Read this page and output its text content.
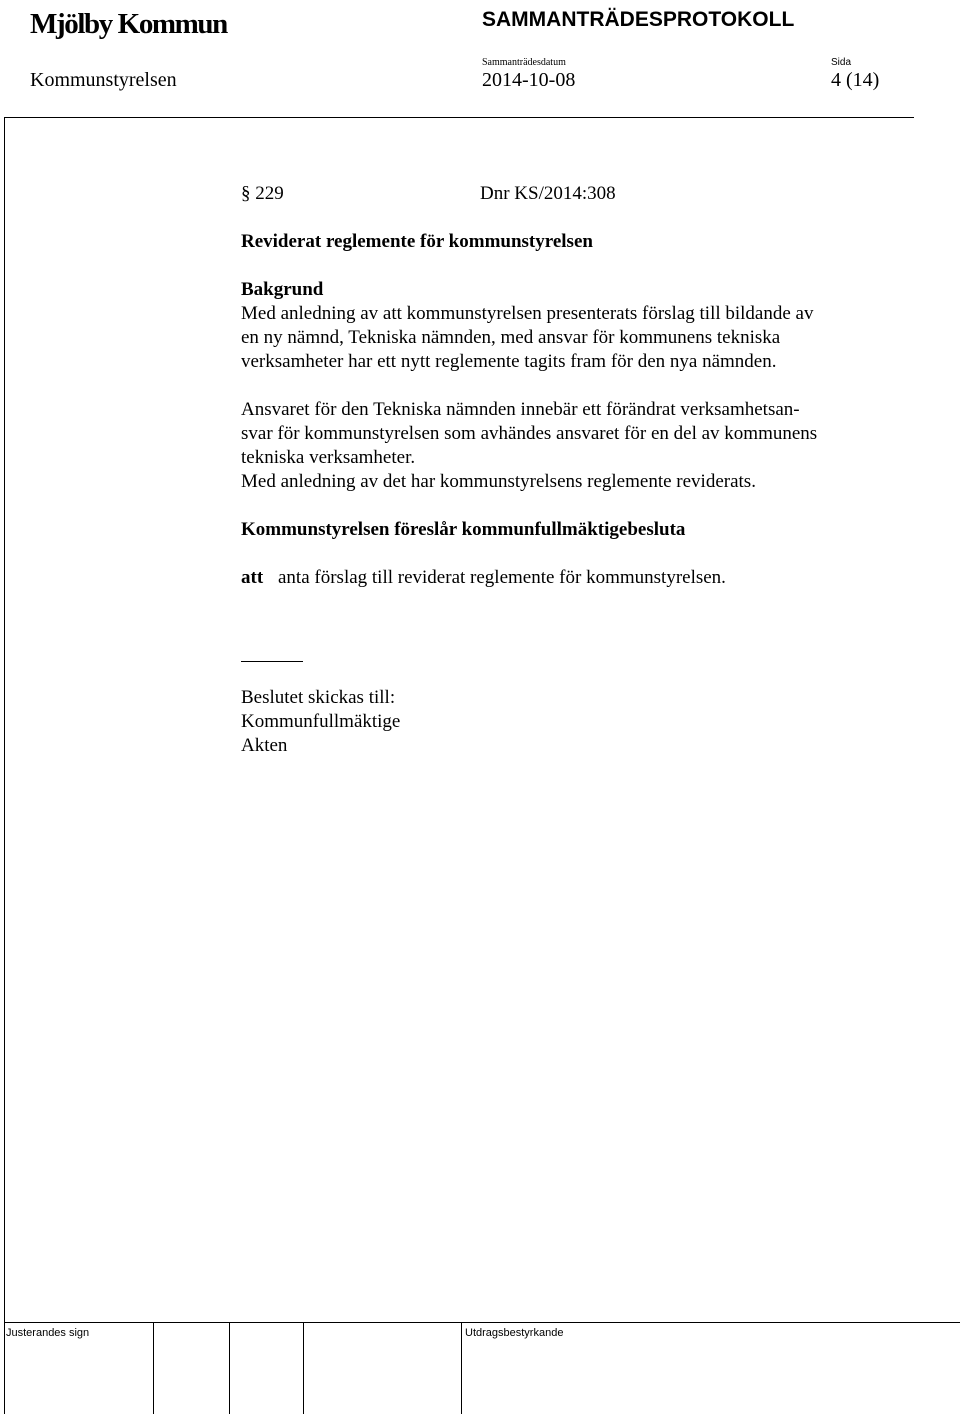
Mjölby Kommun	SAMMANTRÄDESPROTOKOLL
Sammanträdesdatum	Sida
Kommunstyrelsen	2014-10-08	4 (14)
§ 229	Dnr KS/2014:308

Reviderat reglemente för kommunstyrelsen

Bakgrund

Med anledning av att kommunstyrelsen presenterats förslag till bildande av

en ny nämnd, Tekniska nämnden, med ansvar för kommunens tekniska

verksamheter har ett nytt reglemente tagits fram för den nya nämnden.

Ansvaret för den Tekniska nämnden innebär ett förändrat verksamhetsan-

svar för kommunstyrelsen som avhändes ansvaret för en del av kommunens

tekniska verksamheter.

Med anledning av det har kommunstyrelsens reglemente reviderats.

Kommunstyrelsen föreslår kommunfullmäktigebesluta

att anta förslag till reviderat reglemente för kommunstyrelsen.

Beslutet skickas till:

Kommunfullmäktige

Akten

Justerandes sign	Utdragsbestyrkande
